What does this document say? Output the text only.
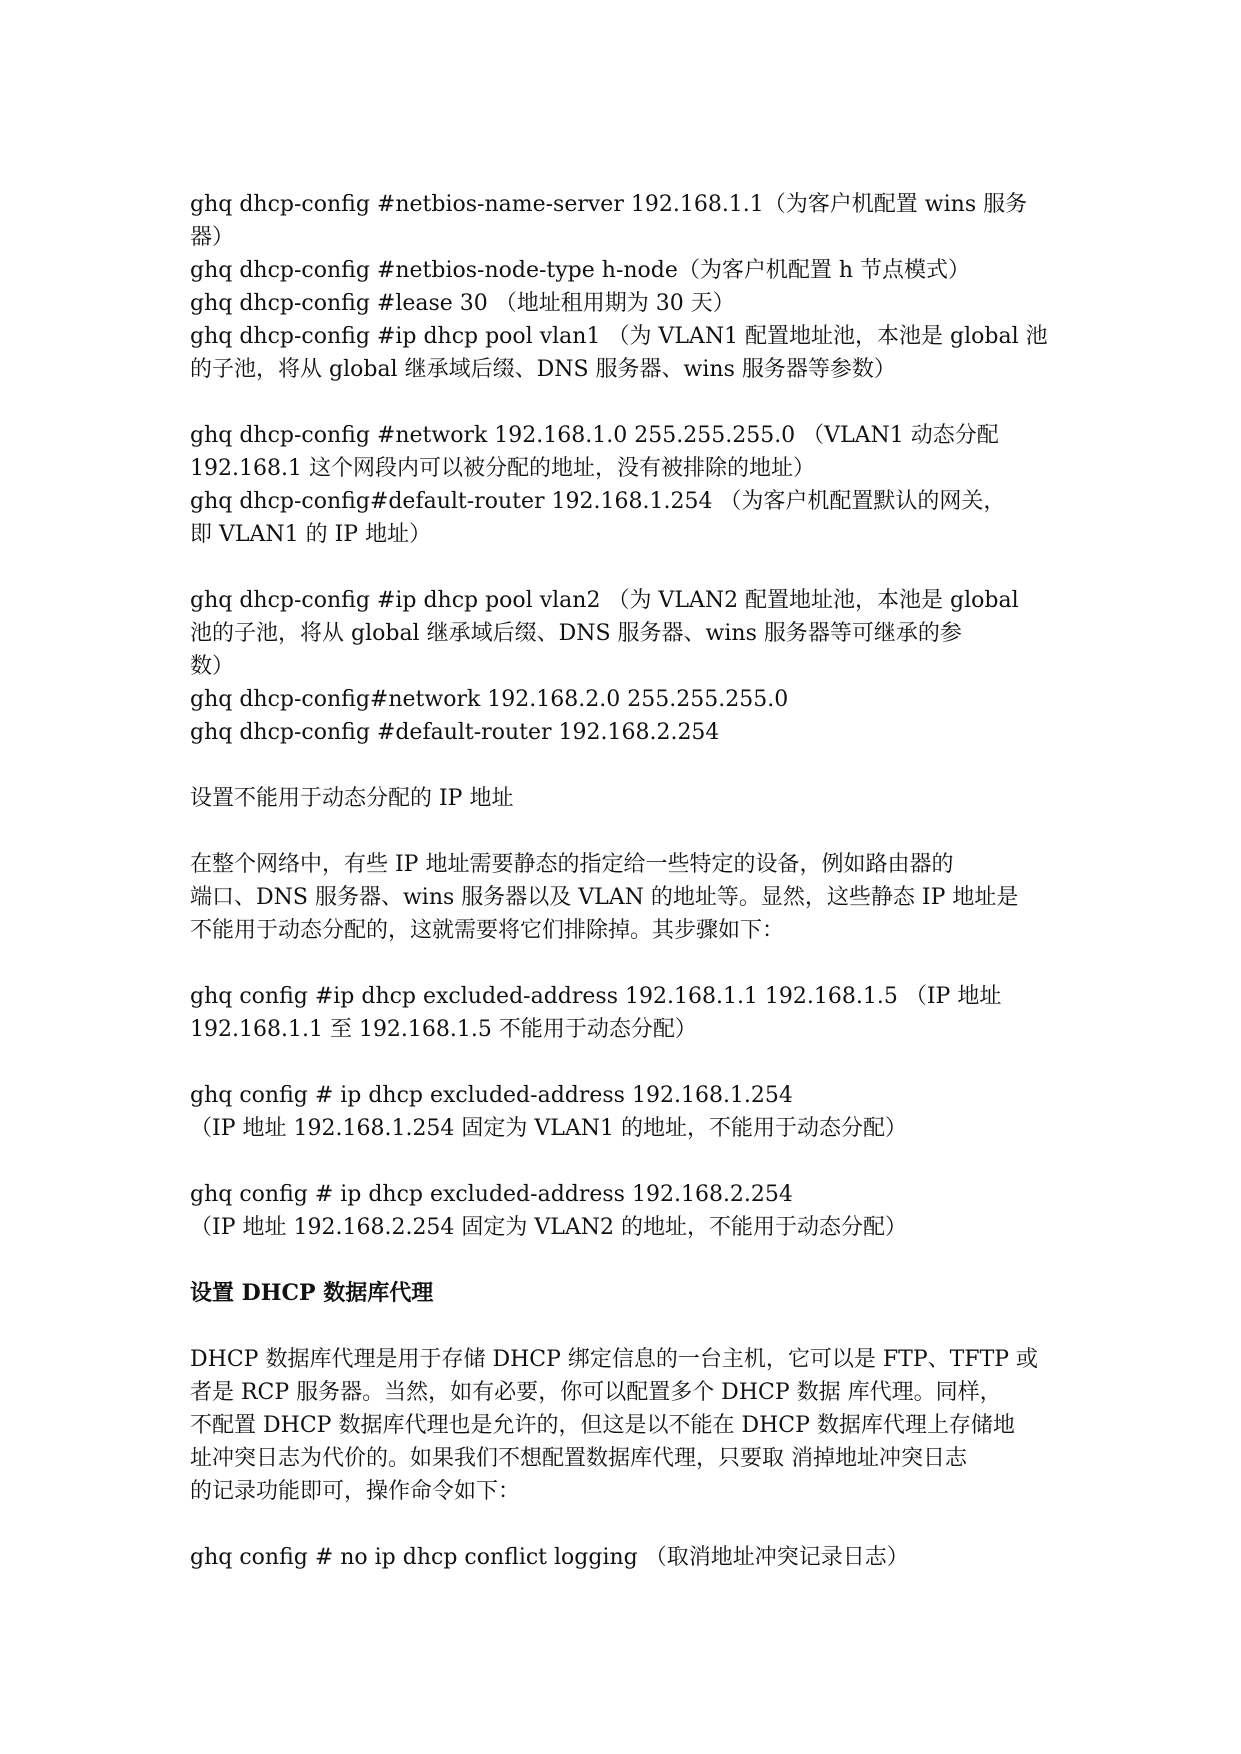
ghq dhcp-config #netbios-name-server 192.168.1.1（为客户机配置 wins 服务

器）

ghq dhcp-config #netbios-node-type h-node（为客户机配置 h 节点模式）

ghq dhcp-config #lease 30 （地址租用期为 30 天）

ghq dhcp-config #ip dhcp pool vlan1 （为 VLAN1 配置地址池，本池是 global 池

的子池，将从 global 继承域后缀、DNS 服务器、wins 服务器等参数）

ghq dhcp-config #network 192.168.1.0 255.255.255.0 （VLAN1 动态分配

192.168.1 这个网段内可以被分配的地址，没有被排除的地址）

ghq dhcp-config#default-router 192.168.1.254 （为客户机配置默认的网关，

即 VLAN1 的 IP 地址）

ghq dhcp-config #ip dhcp pool vlan2 （为 VLAN2 配置地址池，本池是 global

池的子池，将从 global 继承域后缀、DNS 服务器、wins 服务器等可继承的参

数）

ghq dhcp-config#network 192.168.2.0 255.255.255.0

ghq dhcp-config #default-router 192.168.2.254

设置不能用于动态分配的 IP 地址

在整个网络中，有些 IP 地址需要静态的指定给一些特定的设备，例如路由器的

端口、DNS 服务器、wins 服务器以及 VLAN 的地址等。显然，这些静态 IP 地址是

不能用于动态分配的，这就需要将它们排除掉。其步骤如下：

ghq config #ip dhcp excluded-address 192.168.1.1 192.168.1.5 （IP 地址

192.168.1.1 至 192.168.1.5 不能用于动态分配）

ghq config # ip dhcp excluded-address 192.168.1.254

（IP 地址 192.168.1.254 固定为 VLAN1 的地址，不能用于动态分配）

ghq config # ip dhcp excluded-address 192.168.2.254

（IP 地址 192.168.2.254 固定为 VLAN2 的地址，不能用于动态分配）

设置 DHCP 数据库代理

DHCP 数据库代理是用于存储 DHCP 绑定信息的一台主机，它可以是 FTP、TFTP 或

者是 RCP 服务器。当然，如有必要，你可以配置多个 DHCP 数据 库代理。同样，

不配置 DHCP 数据库代理也是允许的，但这是以不能在 DHCP 数据库代理上存储地

址冲突日志为代价的。如果我们不想配置数据库代理，只要取 消掉地址冲突日志

的记录功能即可，操作命令如下：

ghq config # no ip dhcp conflict logging （取消地址冲突记录日志）
